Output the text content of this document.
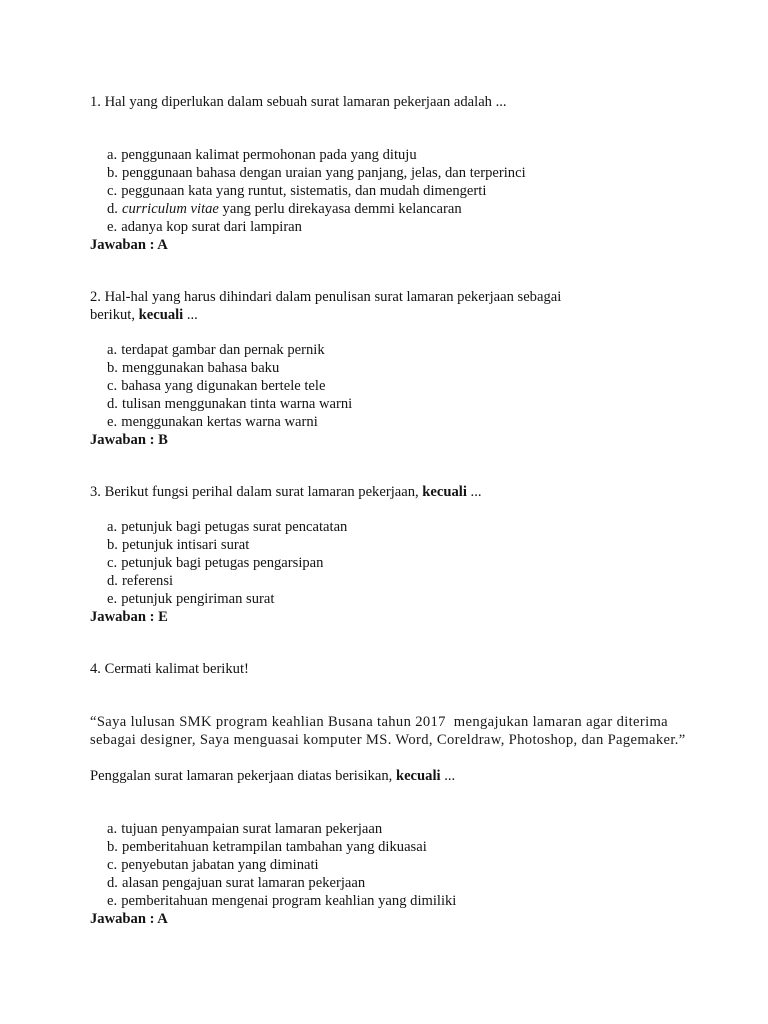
1. Hal yang diperlukan dalam sebuah surat lamaran pekerjaan adalah ...
a. penggunaan kalimat permohonan pada yang dituju
b. penggunaan bahasa dengan uraian yang panjang, jelas, dan terperinci
c. peggunaan kata yang runtut, sistematis, dan mudah dimengerti
d. curriculum vitae yang perlu direkayasa demmi kelancaran
e. adanya kop surat dari lampiran
Jawaban : A
2. Hal-hal yang harus dihindari dalam penulisan surat lamaran pekerjaan sebagai
berikut, kecuali ...
a. terdapat gambar dan pernak pernik
b. menggunakan bahasa baku
c. bahasa yang digunakan bertele tele
d. tulisan menggunakan tinta warna warni
e. menggunakan kertas warna warni
Jawaban : B
3. Berikut fungsi perihal dalam surat lamaran pekerjaan, kecuali ...
a. petunjuk bagi petugas surat pencatatan
b. petunjuk intisari surat
c. petunjuk bagi petugas pengarsipan
d. referensi
e. petunjuk pengiriman surat
Jawaban : E
4. Cermati kalimat berikut!
“Saya lulusan SMK program keahlian Busana tahun 2017  mengajukan lamaran agar diterima
sebagai designer, Saya menguasai komputer MS. Word, Coreldraw, Photoshop, dan Pagemaker.”
Penggalan surat lamaran pekerjaan diatas berisikan, kecuali ...
a. tujuan penyampaian surat lamaran pekerjaan
b. pemberitahuan ketrampilan tambahan yang dikuasai
c. penyebutan jabatan yang diminati
d. alasan pengajuan surat lamaran pekerjaan
e. pemberitahuan mengenai program keahlian yang dimiliki
Jawaban : A
